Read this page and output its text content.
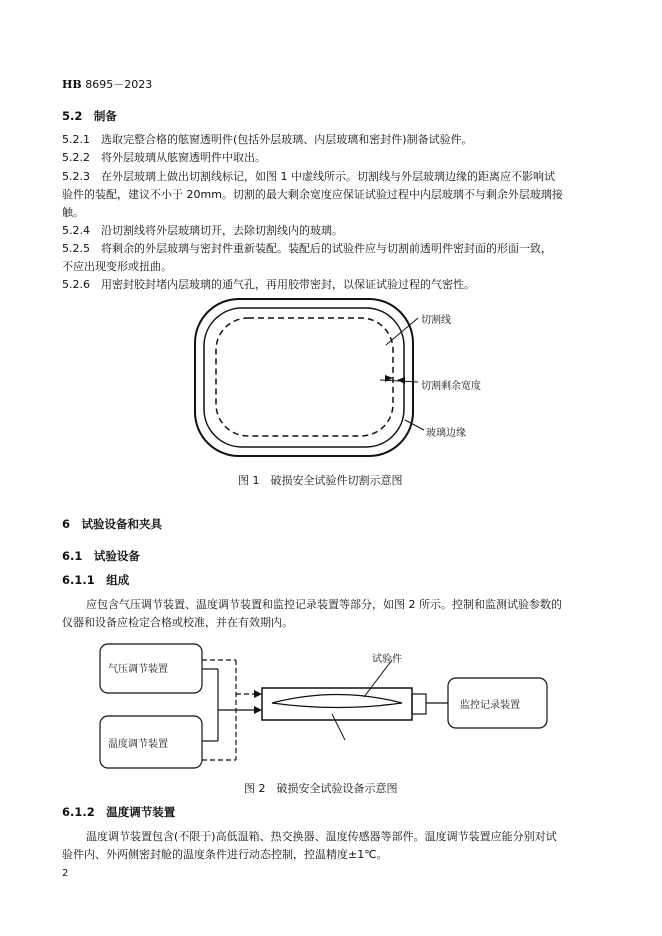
HB 8695－2023
5.2　制备
5.2.1　选取完整合格的舷窗透明件(包括外层玻璃、内层玻璃和密封件)制备试验件。
5.2.2　将外层玻璃从舷窗透明件中取出。
5.2.3　在外层玻璃上做出切割线标记，如图 1 中虚线所示。切割线与外层玻璃边缘的距离应不影响试
验件的装配，建议不小于 20mm。切割的最大剩余宽度应保证试验过程中内层玻璃不与剩余外层玻璃接
触。
5.2.4　沿切割线将外层玻璃切开，去除切割线内的玻璃。
5.2.5　将剩余的外层玻璃与密封件重新装配。装配后的试验件应与切割前透明件密封面的形面一致，
不应出现变形或扭曲。
5.2.6　用密封胶封堵内层玻璃的通气孔，再用胶带密封，以保证试验过程的气密性。
切割线
切割剩余宽度
玻璃边缘
图 1　破损安全试验件切割示意图
6　试验设备和夹具
6.1　试验设备
6.1.1　组成
应包含气压调节装置、温度调节装置和监控记录装置等部分，如图 2 所示。控制和监测试验参数的
仪器和设备应检定合格或校准，并在有效期内。
气压调节装置
温度调节装置
监控记录装置
试验件
图 2　破损安全试验设备示意图
6.1.2　温度调节装置
温度调节装置包含(不限于)高低温箱、热交换器、温度传感器等部件。温度调节装置应能分别对试
验件内、外两侧密封舱的温度条件进行动态控制，控温精度±1℃。
2
